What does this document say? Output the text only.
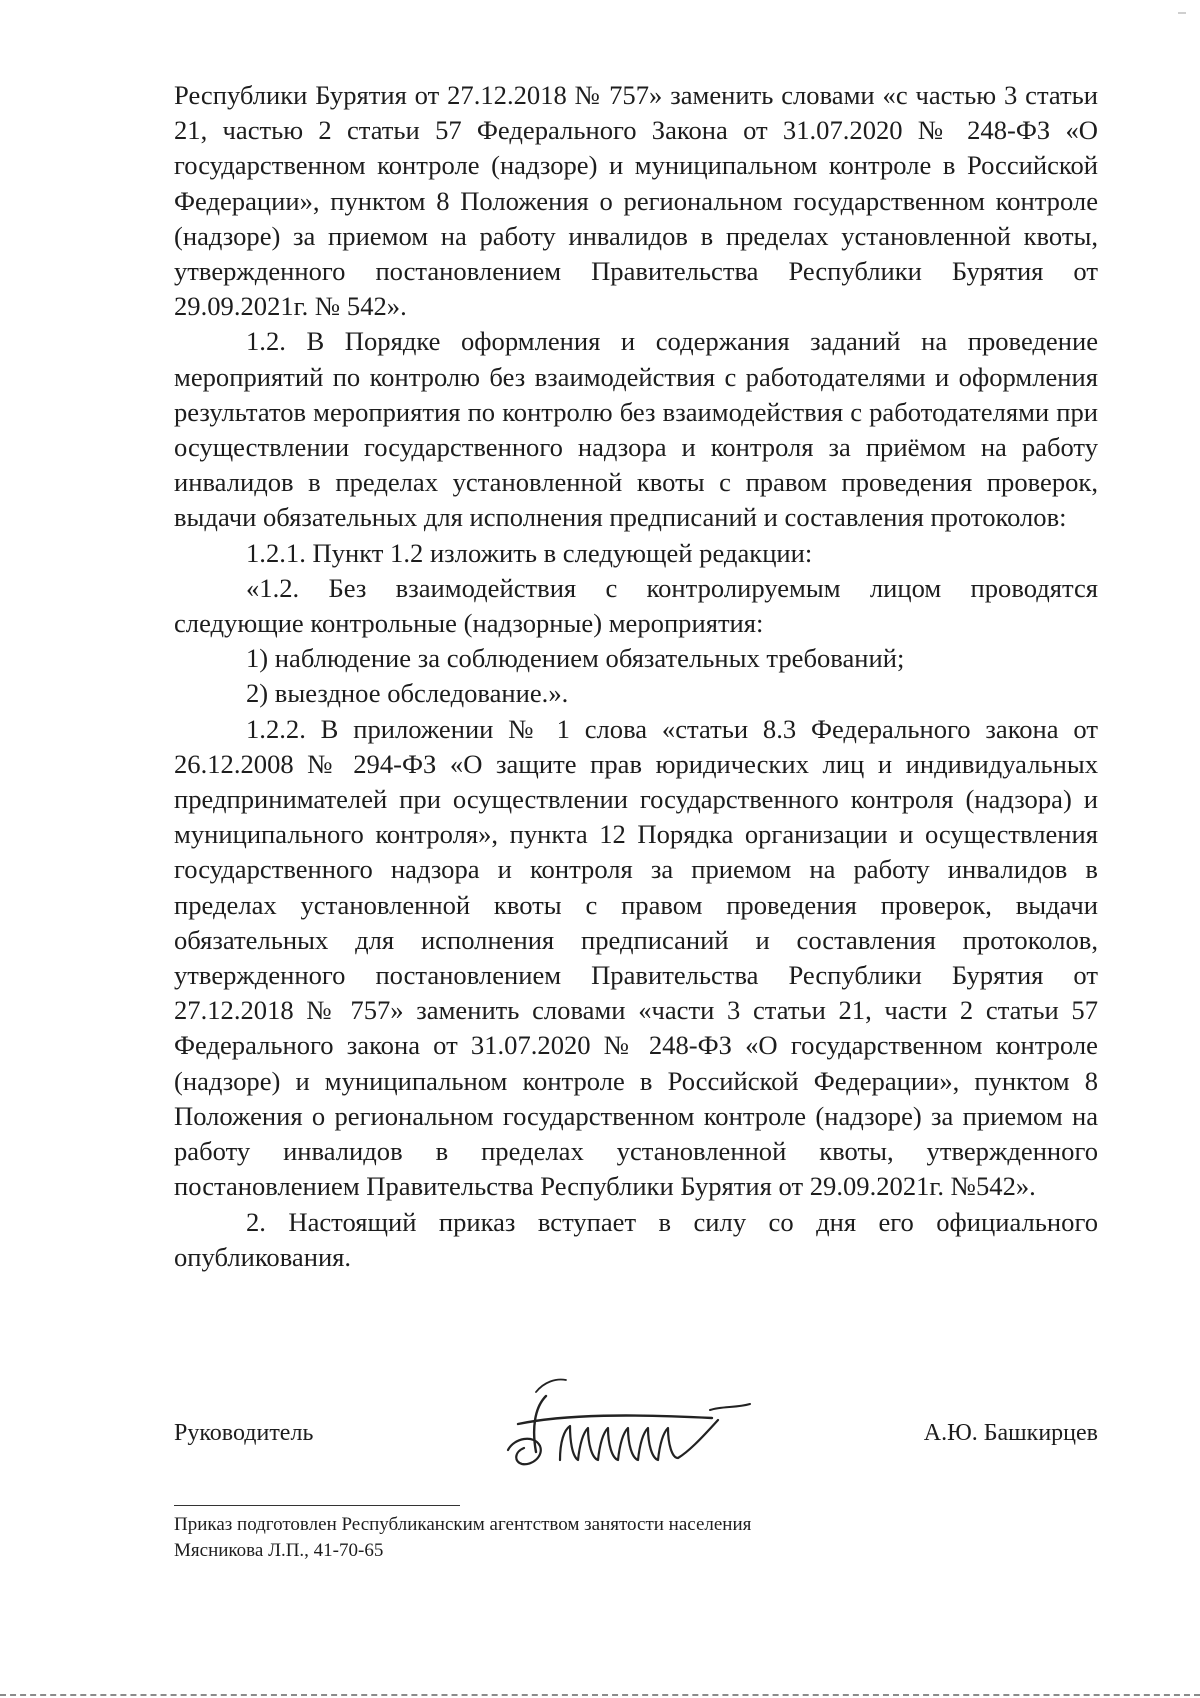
Республики Бурятия от 27.12.2018 № 757» заменить словами «с частью 3 статьи 21, частью 2 статьи 57 Федерального Закона от 31.07.2020 № 248-ФЗ «О государственном контроле (надзоре) и муниципальном контроле в Российской Федерации», пунктом 8 Положения о региональном государственном контроле (надзоре) за приемом на работу инвалидов в пределах установленной квоты, утвержденного постановлением Правительства Республики Бурятия от 29.09.2021г. № 542».

1.2. В Порядке оформления и содержания заданий на проведение мероприятий по контролю без взаимодействия с работодателями и оформления результатов мероприятия по контролю без взаимодействия с работодателями при осуществлении государственного надзора и контроля за приёмом на работу инвалидов в пределах установленной квоты с правом проведения проверок, выдачи обязательных для исполнения предписаний и составления протоколов:

1.2.1. Пункт 1.2 изложить в следующей редакции:

«1.2. Без взаимодействия с контролируемым лицом проводятся следующие контрольные (надзорные) мероприятия:

1) наблюдение за соблюдением обязательных требований;

2) выездное обследование.».

1.2.2. В приложении № 1 слова «статьи 8.3 Федерального закона от 26.12.2008 № 294-ФЗ «О защите прав юридических лиц и индивидуальных предпринимателей при осуществлении государственного контроля (надзора) и муниципального контроля», пункта 12 Порядка организации и осуществления государственного надзора и контроля за приемом на работу инвалидов в пределах установленной квоты с правом проведения проверок, выдачи обязательных для исполнения предписаний и составления протоколов, утвержденного постановлением Правительства Республики Бурятия от 27.12.2018 № 757» заменить словами «части 3 статьи 21, части 2 статьи 57 Федерального закона от 31.07.2020 № 248-ФЗ «О государственном контроле (надзоре) и муниципальном контроле в Российской Федерации», пунктом 8 Положения о региональном государственном контроле (надзоре) за приемом на работу инвалидов в пределах установленной квоты, утвержденного постановлением Правительства Республики Бурятия от 29.09.2021г. №542».

2. Настоящий приказ вступает в силу со дня его официального опубликования.

Руководитель	А.Ю. Башкирцев

Приказ подготовлен Республиканским агентством занятости населения

Мясникова Л.П., 41-70-65
